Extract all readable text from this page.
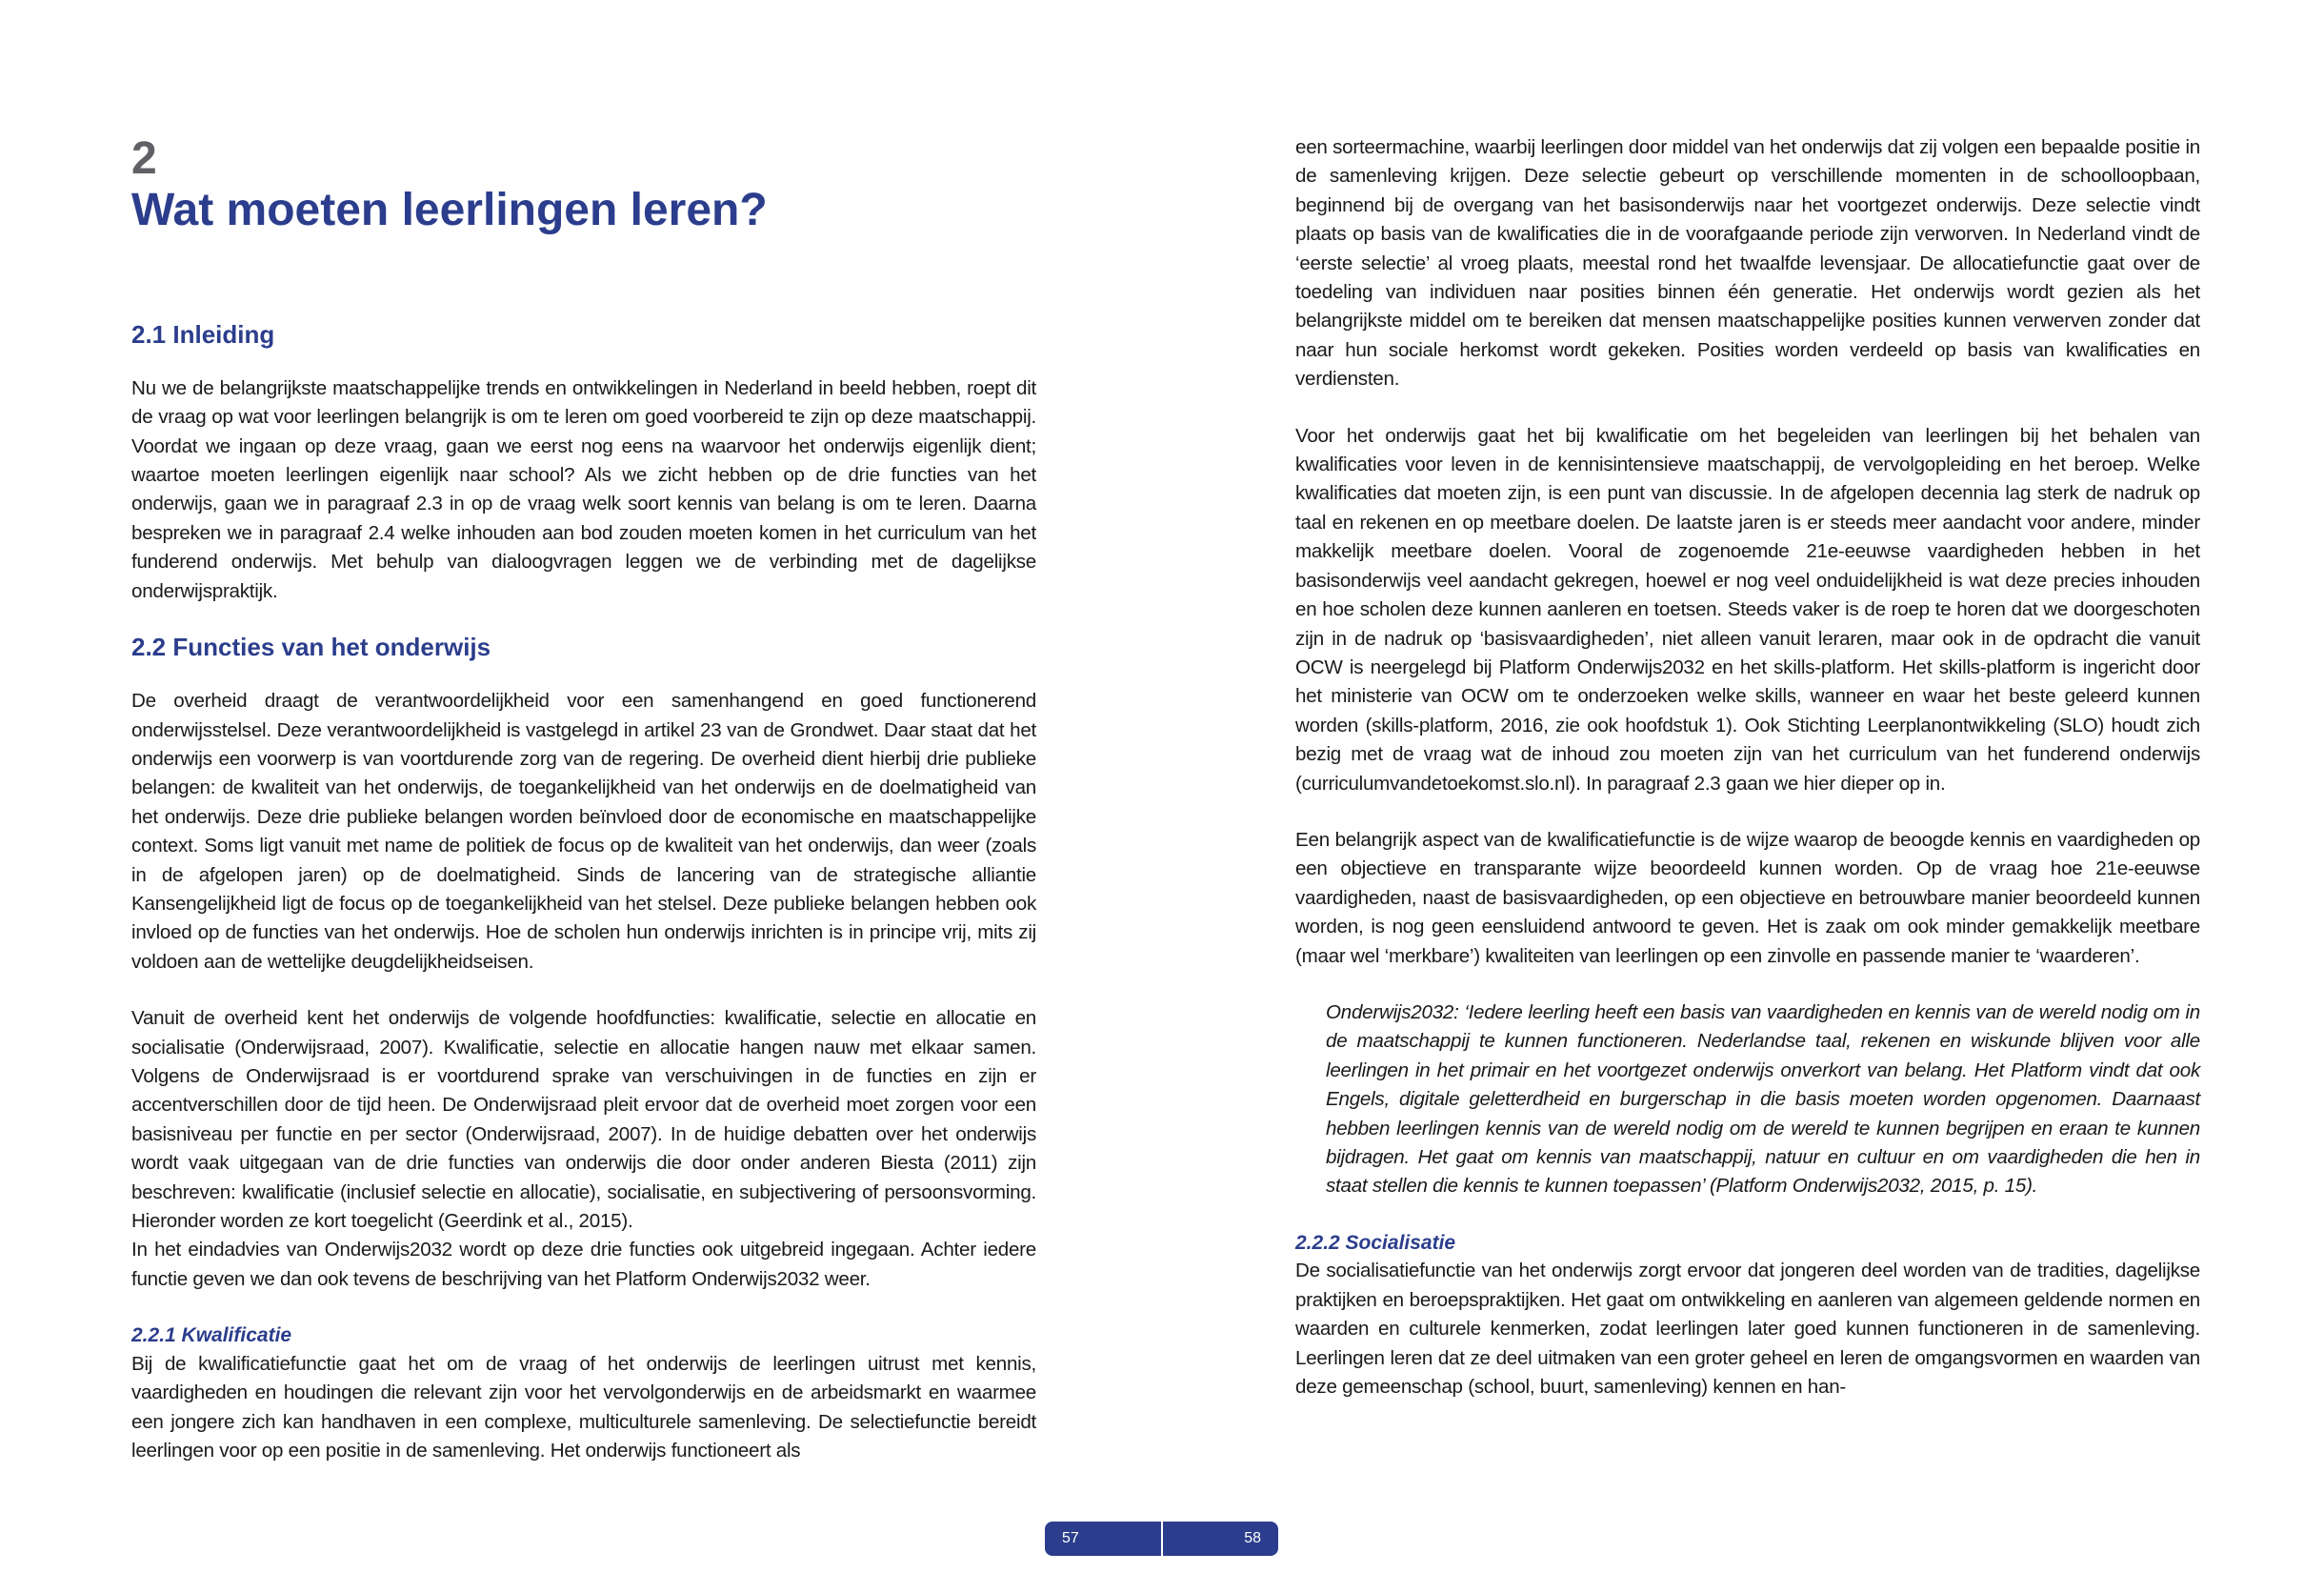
2
Wat moeten leerlingen leren?
2.1 Inleiding

Nu we de belangrijkste maatschappelijke trends en ontwikkelingen in Nederland in beeld hebben, roept dit de vraag op wat voor leerlingen belangrijk is om te leren om goed voorbereid te zijn op deze maatschappij. Voordat we ingaan op deze vraag, gaan we eerst nog eens na waarvoor het onderwijs eigenlijk dient; waartoe moeten leerlingen eigenlijk naar school? Als we zicht hebben op de drie functies van het onderwijs, gaan we in paragraaf 2.3 in op de vraag welk soort kennis van belang is om te leren. Daarna bespreken we in paragraaf 2.4 welke inhouden aan bod zouden moeten komen in het curriculum van het funderend onderwijs. Met behulp van dialoogvragen leggen we de verbinding met de dagelijkse onderwijspraktijk.

2.2 Functies van het onderwijs

De overheid draagt de verantwoordelijkheid voor een samenhangend en goed functionerend onderwijsstelsel. Deze verantwoordelijkheid is vastgelegd in artikel 23 van de Grondwet. Daar staat dat het onderwijs een voorwerp is van voortdurende zorg van de regering. De overheid dient hierbij drie publieke belangen: de kwaliteit van het onderwijs, de toegankelijkheid van het onderwijs en de doelmatigheid van het onderwijs. Deze drie publieke belangen worden beïnvloed door de economische en maatschappelijke context. Soms ligt vanuit met name de politiek de focus op de kwaliteit van het onderwijs, dan weer (zoals in de afgelopen jaren) op de doelmatigheid. Sinds de lancering van de strategische alliantie Kansengelijkheid ligt de focus op de toegankelijkheid van het stelsel. Deze publieke belangen hebben ook invloed op de functies van het onderwijs. Hoe de scholen hun onderwijs inrichten is in principe vrij, mits zij voldoen aan de wettelijke deugdelijkheidseisen.

Vanuit de overheid kent het onderwijs de volgende hoofdfuncties: kwalificatie, selectie en allocatie en socialisatie (Onderwijsraad, 2007). Kwalificatie, selectie en allocatie hangen nauw met elkaar samen. Volgens de Onderwijsraad is er voortdurend sprake van verschuivingen in de functies en zijn er accentverschillen door de tijd heen. De Onderwijsraad pleit ervoor dat de overheid moet zorgen voor een basisniveau per functie en per sector (Onderwijsraad, 2007). In de huidige debatten over het onderwijs wordt vaak uitgegaan van de drie functies van onderwijs die door onder anderen Biesta (2011) zijn beschreven: kwalificatie (inclusief selectie en allocatie), socialisatie, en subjectivering of persoonsvorming. Hieronder worden ze kort toegelicht (Geerdink et al., 2015).

In het eindadvies van Onderwijs2032 wordt op deze drie functies ook uitgebreid ingegaan. Achter iedere functie geven we dan ook tevens de beschrijving van het Platform Onderwijs2032 weer.

2.2.1 Kwalificatie

Bij de kwalificatiefunctie gaat het om de vraag of het onderwijs de leerlingen uitrust met kennis, vaardigheden en houdingen die relevant zijn voor het vervolgonderwijs en de arbeidsmarkt en waarmee een jongere zich kan handhaven in een complexe, multiculturele samenleving. De selectiefunctie bereidt leerlingen voor op een positie in de samenleving. Het onderwijs functioneert als

een sorteermachine, waarbij leerlingen door middel van het onderwijs dat zij volgen een bepaalde positie in de samenleving krijgen. Deze selectie gebeurt op verschillende momenten in de schoolloopbaan, beginnend bij de overgang van het basisonderwijs naar het voortgezet onderwijs. Deze selectie vindt plaats op basis van de kwalificaties die in de voorafgaande periode zijn verworven. In Nederland vindt de ‘eerste selectie’ al vroeg plaats, meestal rond het twaalfde levensjaar. De allocatiefunctie gaat over de toedeling van individuen naar posities binnen één generatie. Het onderwijs wordt gezien als het belangrijkste middel om te bereiken dat mensen maatschappelijke posities kunnen verwerven zonder dat naar hun sociale herkomst wordt gekeken. Posities worden verdeeld op basis van kwalificaties en verdiensten.

Voor het onderwijs gaat het bij kwalificatie om het begeleiden van leerlingen bij het behalen van kwalificaties voor leven in de kennisintensieve maatschappij, de vervolgopleiding en het beroep. Welke kwalificaties dat moeten zijn, is een punt van discussie. In de afgelopen decennia lag sterk de nadruk op taal en rekenen en op meetbare doelen. De laatste jaren is er steeds meer aandacht voor andere, minder makkelijk meetbare doelen. Vooral de zogenoemde 21e-eeuwse vaardigheden hebben in het basisonderwijs veel aandacht gekregen, hoewel er nog veel onduidelijkheid is wat deze precies inhouden en hoe scholen deze kunnen aanleren en toetsen. Steeds vaker is de roep te horen dat we doorgeschoten zijn in de nadruk op ‘basisvaardigheden’, niet alleen vanuit leraren, maar ook in de opdracht die vanuit OCW is neergelegd bij Platform Onderwijs2032 en het skills-platform. Het skills-platform is ingericht door het ministerie van OCW om te onderzoeken welke skills, wanneer en waar het beste geleerd kunnen worden (skills-platform, 2016, zie ook hoofdstuk 1). Ook Stichting Leerplanontwikkeling (SLO) houdt zich bezig met de vraag wat de inhoud zou moeten zijn van het curriculum van het funderend onderwijs (curriculumvandetoekomst.slo.nl). In paragraaf 2.3 gaan we hier dieper op in.

Een belangrijk aspect van de kwalificatiefunctie is de wijze waarop de beoogde kennis en vaardigheden op een objectieve en transparante wijze beoordeeld kunnen worden. Op de vraag hoe 21e-eeuwse vaardigheden, naast de basisvaardigheden, op een objectieve en betrouwbare manier beoordeeld kunnen worden, is nog geen eensluidend antwoord te geven. Het is zaak om ook minder gemakkelijk meetbare (maar wel ‘merkbare’) kwaliteiten van leerlingen op een zinvolle en passende manier te ‘waarderen’.

Onderwijs2032: ‘Iedere leerling heeft een basis van vaardigheden en kennis van de wereld nodig om in de maatschappij te kunnen functioneren. Nederlandse taal, rekenen en wiskunde blijven voor alle leerlingen in het primair en het voortgezet onderwijs onverkort van belang. Het Platform vindt dat ook Engels, digitale geletterdheid en burgerschap in die basis moeten worden opgenomen. Daarnaast hebben leerlingen kennis van de wereld nodig om de wereld te kunnen begrijpen en eraan te kunnen bijdragen. Het gaat om kennis van maatschappij, natuur en cultuur en om vaardigheden die hen in staat stellen die kennis te kunnen toepassen’ (Platform Onderwijs2032, 2015, p. 15).
2.2.2 Socialisatie

De socialisatiefunctie van het onderwijs zorgt ervoor dat jongeren deel worden van de tradities, dagelijkse praktijken en beroepspraktijken. Het gaat om ontwikkeling en aanleren van algemeen geldende normen en waarden en culturele kenmerken, zodat leerlingen later goed kunnen functioneren in de samenleving. Leerlingen leren dat ze deel uitmaken van een groter geheel en leren de omgangsvormen en waarden van deze gemeenschap (school, buurt, samenleving) kennen en han-

57	58
